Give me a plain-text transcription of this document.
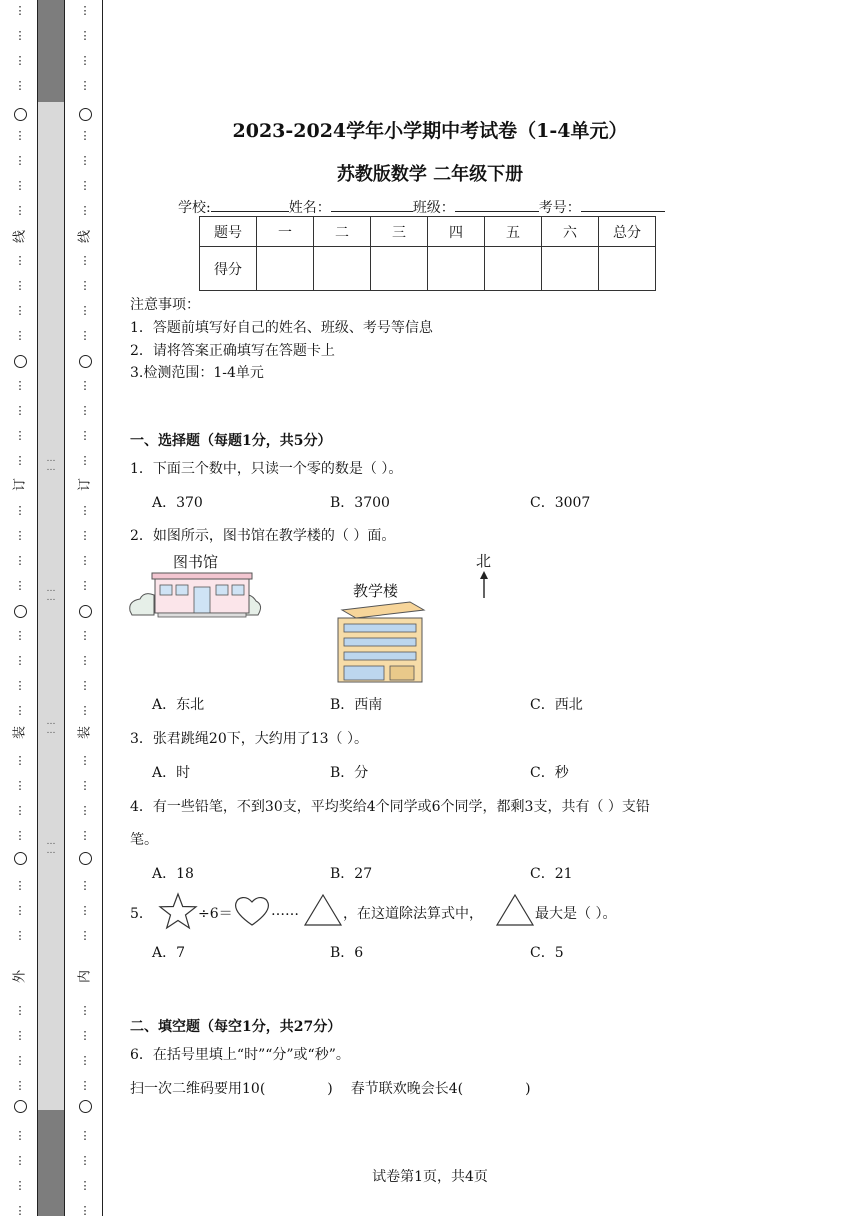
…
…
…
…
…
…
…
…
⋮
⋮
⋮
⋮
⋮
⋮
⋮
⋮
⋮
⋮
⋮
⋮
⋮
⋮
⋮
⋮
⋮
⋮
⋮
⋮
⋮
⋮
⋮
⋮
⋮
⋮
⋮
⋮
⋮
⋮
⋮
⋮
⋮
⋮
⋮
⋮
⋮
⋮
⋮
线
订
装
外
⋮
⋮
⋮
⋮
⋮
⋮
⋮
⋮
⋮
⋮
⋮
⋮
⋮
⋮
⋮
⋮
⋮
⋮
⋮
⋮
⋮
⋮
⋮
⋮
⋮
⋮
⋮
⋮
⋮
⋮
⋮
⋮
⋮
⋮
⋮
⋮
⋮
⋮
⋮
线
订
装
内
2023-2024学年小学期中考试卷（1-4单元）
苏教版数学 二年级下册
学校:	姓名：	班级：	考号：
题号	一	二	三	四	五	六	总分
得分							
注意事项：
1．答题前填写好自己的姓名、班级、考号等信息
2．请将答案正确填写在答题卡上
3.检测范围：1-4单元
一、选择题（每题1分，共5分）
1．下面三个数中，只读一个零的数是（ ）。
A．370	B．3700	C．3007
2．如图所示，图书馆在教学楼的（ ）面。
图书馆
教学楼
北
A．东北	B．西南	C．西北
3．张君跳绳20下，大约用了13（ ）。
A．时	B．分	C．秒
4．有一些铅笔，不到30支，平均奖给4个同学或6个同学，都剩3支，共有（ ）支铅
笔。
A．18	B．27	C．21
5．	÷6＝	……	，在这道除法算式中，	最大是（ ）。
A．7	B．6	C．5
二、填空题（每空1分，共27分）
6．在括号里填上“时”“分”或“秒”。
扫一次二维码要用10(	) 春节联欢晚会长4(	)
试卷第1页，共4页
